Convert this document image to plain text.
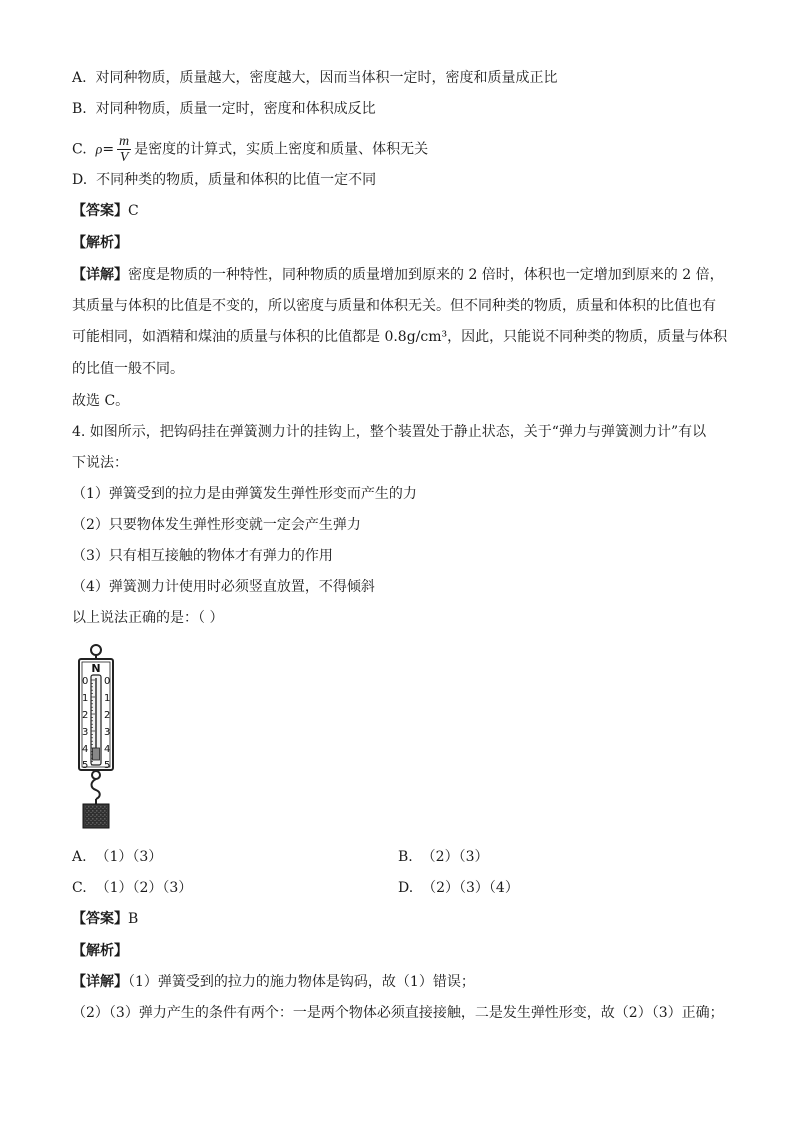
A. 对同种物质，质量越大，密度越大，因而当体积一定时，密度和质量成正比
B. 对同种物质，质量一定时，密度和体积成反比
C. $\rho= \frac{m}{V}$ 是密度的计算式，实质上密度和质量、体积无关
D. 不同种类的物质，质量和体积的比值一定不同
【答案】C
【解析】
【详解】密度是物质的一种特性，同种物质的质量增加到原来的 2 倍时，体积也一定增加到原来的 2 倍，
其质量与体积的比值是不变的，所以密度与质量和体积无关。但不同种类的物质，质量和体积的比值也有
可能相同，如酒精和煤油的质量与体积的比值都是 0.8g/cm³，因此，只能说不同种类的物质，质量与体积
的比值一般不同。
故选 C。
4. 如图所示，把钩码挂在弹簧测力计的挂钩上，整个装置处于静止状态，关于“弹力与弹簧测力计”有以
下说法：
（1）弹簧受到的拉力是由弹簧发生弹性形变而产生的力
（2）只要物体发生弹性形变就一定会产生弹力
（3）只有相互接触的物体才有弹力的作用
（4）弹簧测力计使用时必须竖直放置，不得倾斜
以上说法正确的是：（ ）
N
0
1
2
3
4
5
0
1
2
3
4
5
A. （1）（3）	B. （2）（3）
C. （1）（2）（3）	D. （2）（3）（4）
【答案】B
【解析】
【详解】（1）弹簧受到的拉力的施力物体是钩码，故（1）错误；
（2）（3）弹力产生的条件有两个：一是两个物体必须直接接触，二是发生弹性形变，故（2）（3）正确；
